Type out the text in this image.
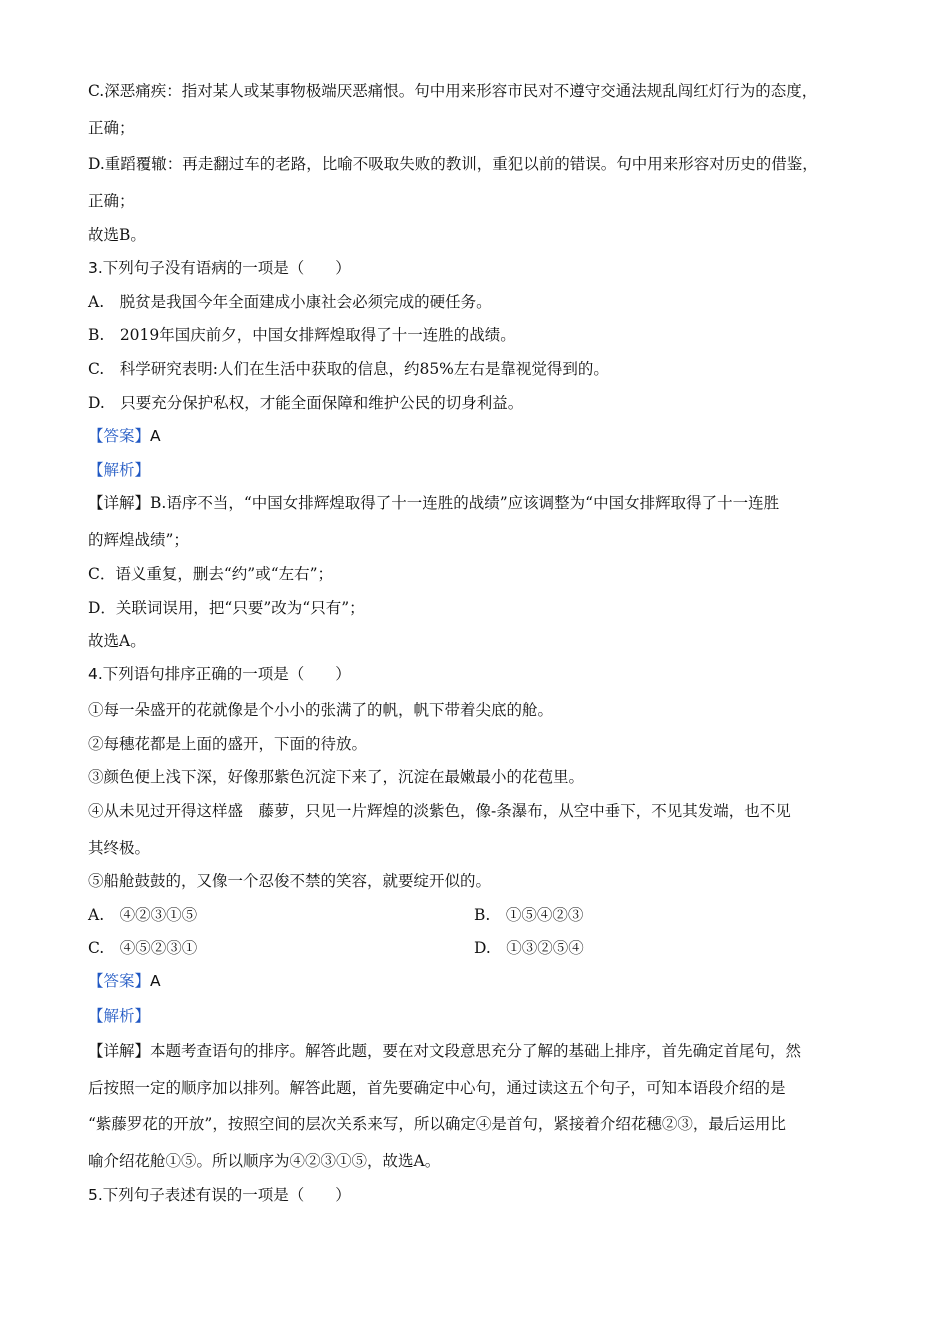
C.深恶痛疾：指对某人或某事物极端厌恶痛恨。句中用来形容市民对不遵守交通法规乱闯红灯行为的态度，
正确；
D.重蹈覆辙：再走翻过车的老路，比喻不吸取失败的教训，重犯以前的错误。句中用来形容对历史的借鉴，
正确；
故选B。
3.下列句子没有语病的一项是（　　）
A.　脱贫是我国今年全面建成小康社会必须完成的硬任务。
B.　2019年国庆前夕，中国女排辉煌取得了十一连胜的战绩。
C.　科学研究表明:人们在生活中获取的信息，约85%左右是靠视觉得到的。
D.　只要充分保护私权，才能全面保障和维护公民的切身利益。
【答案】A
【解析】
【详解】B.语序不当，“中国女排辉煌取得了十一连胜的战绩”应该调整为“中国女排辉取得了十一连胜
的辉煌战绩”；
C．语义重复，删去“约”或“左右”；
D．关联词误用，把“只要”改为“只有”；
故选A。
4.下列语句排序正确的一项是（　　）
①每一朵盛开的花就像是个小小的张满了的帆，帆下带着尖底的舱。
②每穗花都是上面的盛开，下面的待放。
③颜色便上浅下深，好像那紫色沉淀下来了，沉淀在最嫩最小的花苞里。
④从未见过开得这样盛　藤萝，只见一片辉煌的淡紫色，像-条瀑布，从空中垂下，不见其发端，也不见
其终极。
⑤船舱鼓鼓的，又像一个忍俊不禁的笑容，就要绽开似的。
A.　④②③①⑤	B.　①⑤④②③
C.　④⑤②③①	D.　①③②⑤④
【答案】A
【解析】
【详解】本题考查语句的排序。解答此题，要在对文段意思充分了解的基础上排序，首先确定首尾句，然
后按照一定的顺序加以排列。解答此题，首先要确定中心句，通过读这五个句子，可知本语段介绍的是
“紫藤罗花的开放”，按照空间的层次关系来写，所以确定④是首句，紧接着介绍花穗②③，最后运用比
喻介绍花舱①⑤。所以顺序为④②③①⑤，故选A。
5.下列句子表述有误的一项是（　　）
